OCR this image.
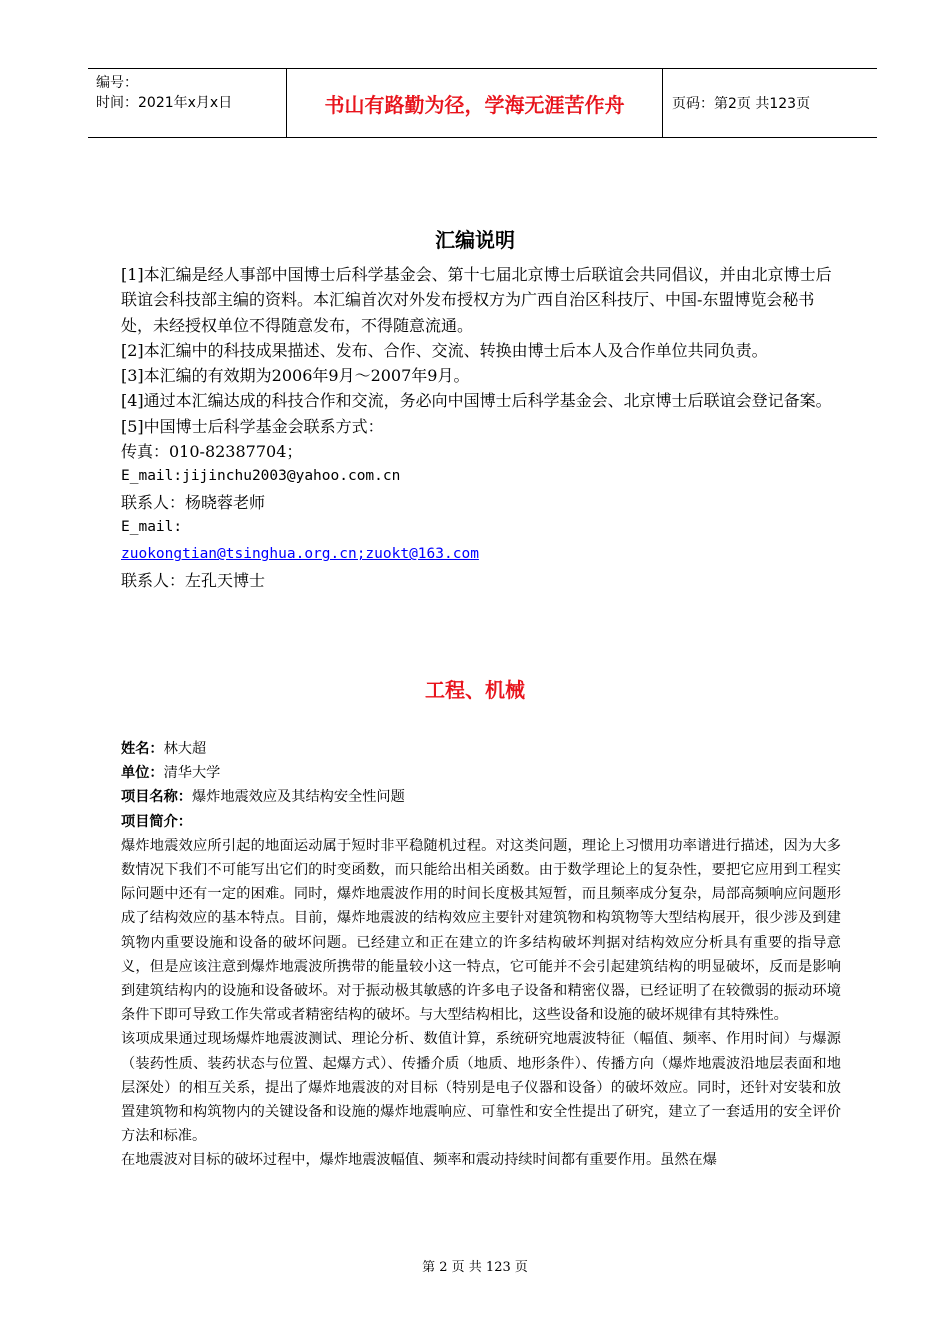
编号：
时间：2021年x月x日	书山有路勤为径，学海无涯苦作舟	页码：第2页 共123页
汇编说明

[1]本汇编是经人事部中国博士后科学基金会、第十七届北京博士后联谊会共同倡议，并由北京博士后联谊会科技部主编的资料。本汇编首次对外发布授权方为广西自治区科技厅、中国-东盟博览会秘书处，未经授权单位不得随意发布，不得随意流通。

[2]本汇编中的科技成果描述、发布、合作、交流、转换由博士后本人及合作单位共同负责。

[3]本汇编的有效期为2006年9月～2007年9月。

[4]通过本汇编达成的科技合作和交流，务必向中国博士后科学基金会、北京博士后联谊会登记备案。

[5]中国博士后科学基金会联系方式：

传真：010-82387704；

E_mail:jijinchu2003@yahoo.com.cn

联系人：杨晓蓉老师

E_mail:

zuokongtian@tsinghua.org.cn;zuokt@163.com

联系人：左孔天博士

工程、机械

姓名：林大超

单位：清华大学

项目名称：爆炸地震效应及其结构安全性问题

项目简介：

爆炸地震效应所引起的地面运动属于短时非平稳随机过程。对这类问题，理论上习惯用功率谱进行描述，因为大多数情况下我们不可能写出它们的时变函数，而只能给出相关函数。由于数学理论上的复杂性，要把它应用到工程实际问题中还有一定的困难。同时，爆炸地震波作用的时间长度极其短暂，而且频率成分复杂，局部高频响应问题形成了结构效应的基本特点。目前，爆炸地震波的结构效应主要针对建筑物和构筑物等大型结构展开，很少涉及到建筑物内重要设施和设备的破坏问题。已经建立和正在建立的许多结构破坏判据对结构效应分析具有重要的指导意义，但是应该注意到爆炸地震波所携带的能量较小这一特点，它可能并不会引起建筑结构的明显破坏，反而是影响到建筑结构内的设施和设备破坏。对于振动极其敏感的许多电子设备和精密仪器，已经证明了在较微弱的振动环境条件下即可导致工作失常或者精密结构的破坏。与大型结构相比，这些设备和设施的破坏规律有其特殊性。

该项成果通过现场爆炸地震波测试、理论分析、数值计算，系统研究地震波特征（幅值、频率、作用时间）与爆源（装药性质、装药状态与位置、起爆方式）、传播介质（地质、地形条件）、传播方向（爆炸地震波沿地层表面和地层深处）的相互关系，提出了爆炸地震波的对目标（特别是电子仪器和设备）的破坏效应。同时，还针对安装和放置建筑物和构筑物内的关键设备和设施的爆炸地震响应、可靠性和安全性提出了研究，建立了一套适用的安全评价方法和标准。

在地震波对目标的破坏过程中，爆炸地震波幅值、频率和震动持续时间都有重要作用。虽然在爆

第 2 页 共 123 页
